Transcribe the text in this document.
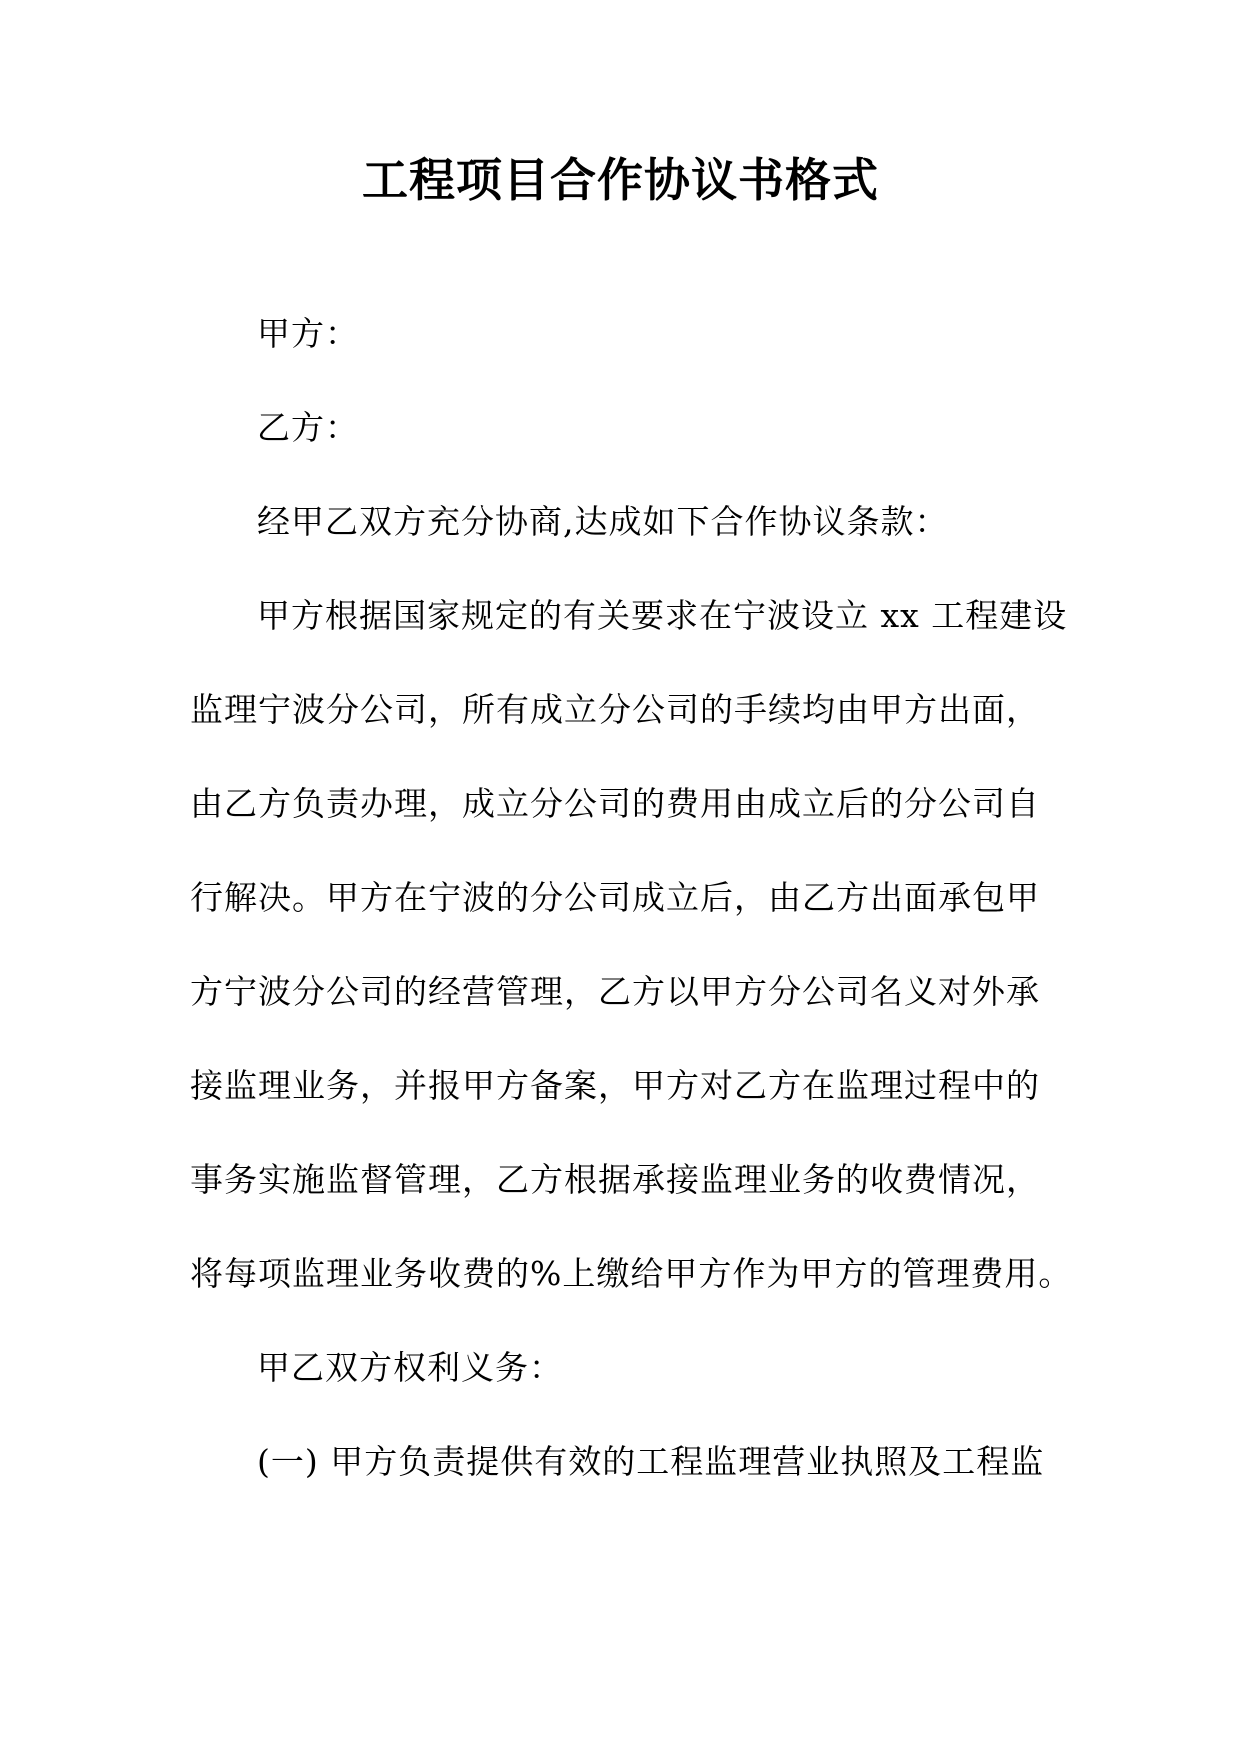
工程项目合作协议书格式
甲方：
乙方：
经甲乙双方充分协商,达成如下合作协议条款：
甲方根据国家规定的有关要求在宁波设立 xx 工程建设
监理宁波分公司，所有成立分公司的手续均由甲方出面，
由乙方负责办理，成立分公司的费用由成立后的分公司自
行解决。甲方在宁波的分公司成立后，由乙方出面承包甲
方宁波分公司的经营管理，乙方以甲方分公司名义对外承
接监理业务，并报甲方备案，甲方对乙方在监理过程中的
事务实施监督管理，乙方根据承接监理业务的收费情况，
将每项监理业务收费的%上缴给甲方作为甲方的管理费用。
甲乙双方权利义务：
(一) 甲方负责提供有效的工程监理营业执照及工程监
